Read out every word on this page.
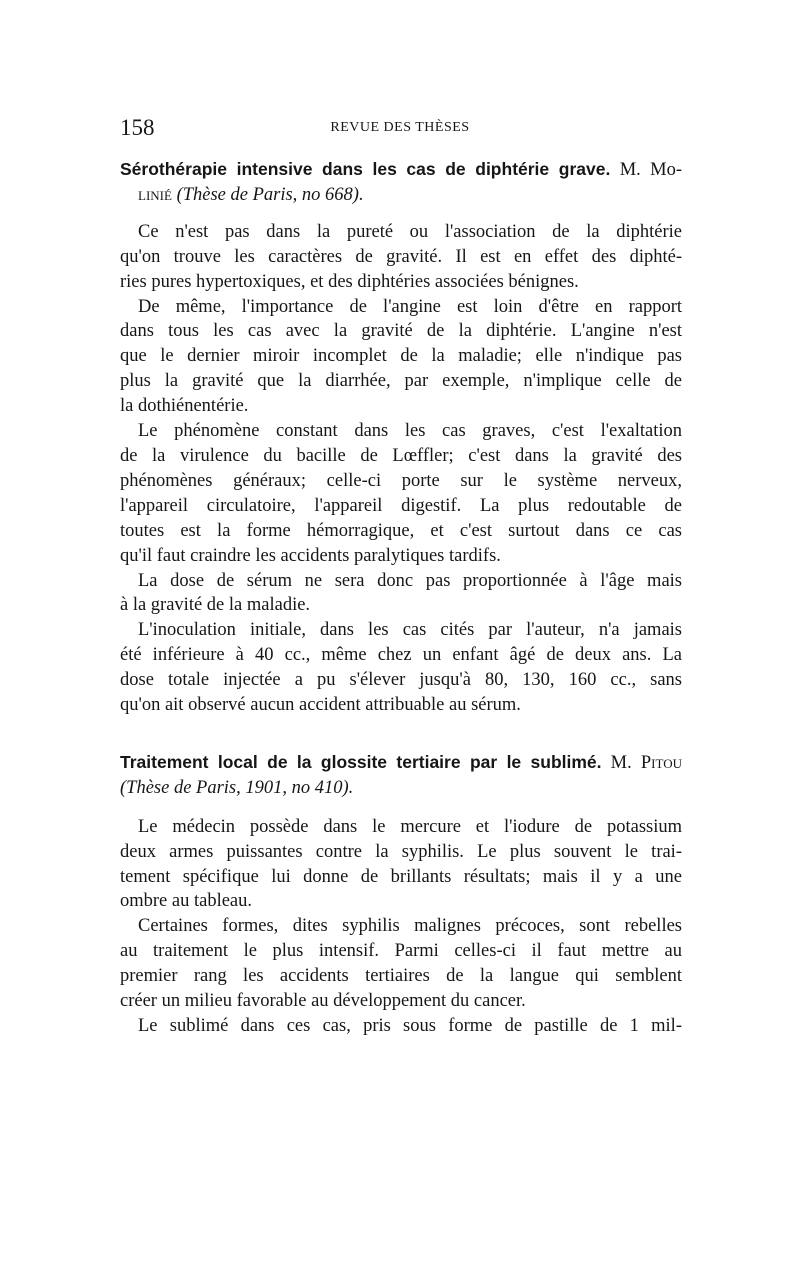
158	REVUE DES THÈSES
Sérothérapie intensive dans les cas de diphtérie grave. M. Mo-
linié (Thèse de Paris, no 668).
Ce n'est pas dans la pureté ou l'association de la diphtérie
qu'on trouve les caractères de gravité. Il est en effet des diphté-
ries pures hypertoxiques, et des diphtéries associées bénignes.
De même, l'importance de l'angine est loin d'être en rapport
dans tous les cas avec la gravité de la diphtérie. L'angine n'est
que le dernier miroir incomplet de la maladie; elle n'indique pas
plus la gravité que la diarrhée, par exemple, n'implique celle de
la dothiénentérie.
Le phénomène constant dans les cas graves, c'est l'exaltation
de la virulence du bacille de Lœffler; c'est dans la gravité des
phénomènes généraux; celle-ci porte sur le système nerveux,
l'appareil circulatoire, l'appareil digestif. La plus redoutable de
toutes est la forme hémorragique, et c'est surtout dans ce cas
qu'il faut craindre les accidents paralytiques tardifs.
La dose de sérum ne sera donc pas proportionnée à l'âge mais
à la gravité de la maladie.
L'inoculation initiale, dans les cas cités par l'auteur, n'a jamais
été inférieure à 40 cc., même chez un enfant âgé de deux ans. La
dose totale injectée a pu s'élever jusqu'à 80, 130, 160 cc., sans
qu'on ait observé aucun accident attribuable au sérum.
Traitement local de la glossite tertiaire par le sublimé. M. Pitou
(Thèse de Paris, 1901, no 410).
Le médecin possède dans le mercure et l'iodure de potassium
deux armes puissantes contre la syphilis. Le plus souvent le trai-
tement spécifique lui donne de brillants résultats; mais il y a une
ombre au tableau.
Certaines formes, dites syphilis malignes précoces, sont rebelles
au traitement le plus intensif. Parmi celles-ci il faut mettre au
premier rang les accidents tertiaires de la langue qui semblent
créer un milieu favorable au développement du cancer.
Le sublimé dans ces cas, pris sous forme de pastille de 1 mil-
